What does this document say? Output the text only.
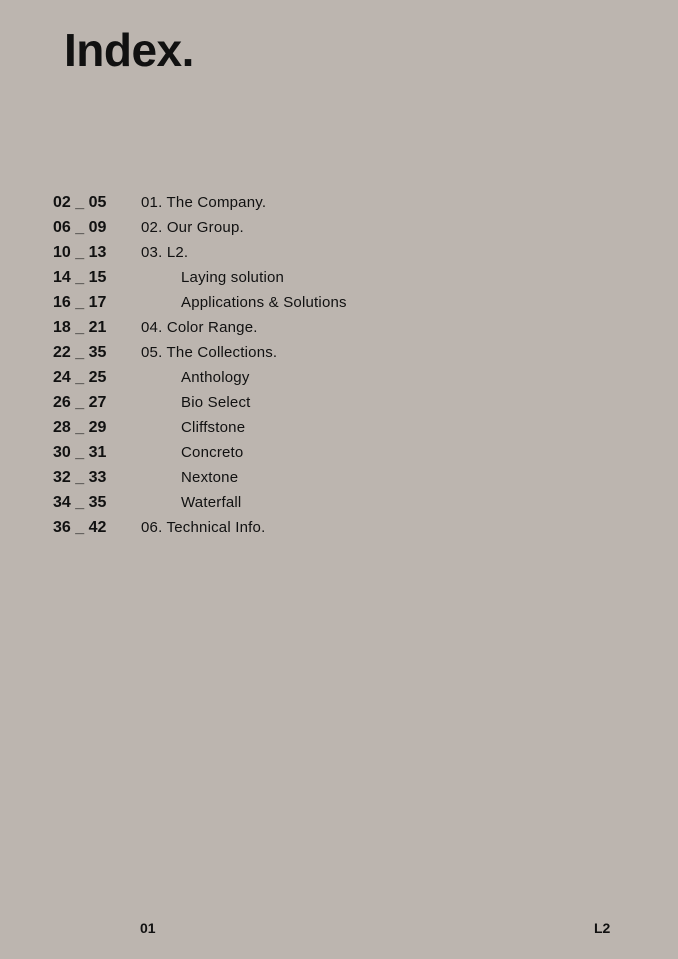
Index.
02 _ 05 01. The Company.
06 _ 09 02. Our Group.
10 _ 13 03. L2.
14 _ 15	Laying solution
16 _ 17	Applications & Solutions
18 _ 21 04. Color Range.
22 _ 35 05. The Collections.
24 _ 25	Anthology
26 _ 27	Bio Select
28 _ 29	Cliffstone
30 _ 31	Concreto
32 _ 33	Nextone
34 _ 35	Waterfall
36 _ 42 06. Technical Info.
01	L2
